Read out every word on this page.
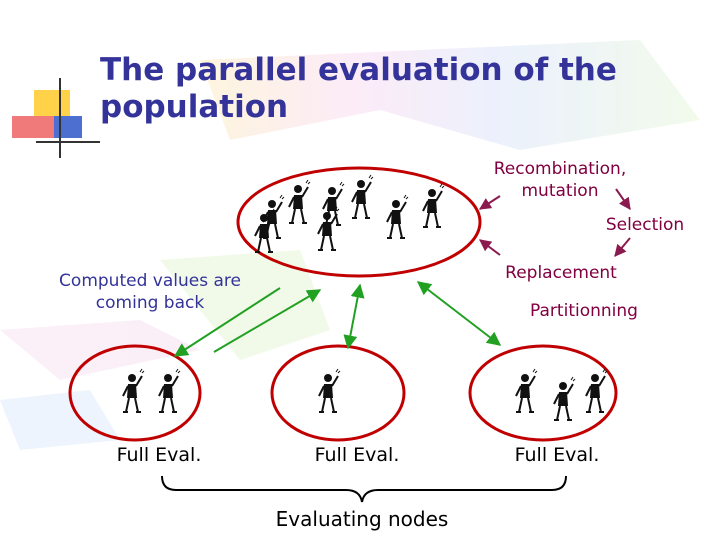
The parallel evaluation of the population
Recombination, mutation
Selection
Replacement
Partitionning
Computed values are coming back
Full Eval.	Full Eval.	Full Eval.
Evaluating nodes
